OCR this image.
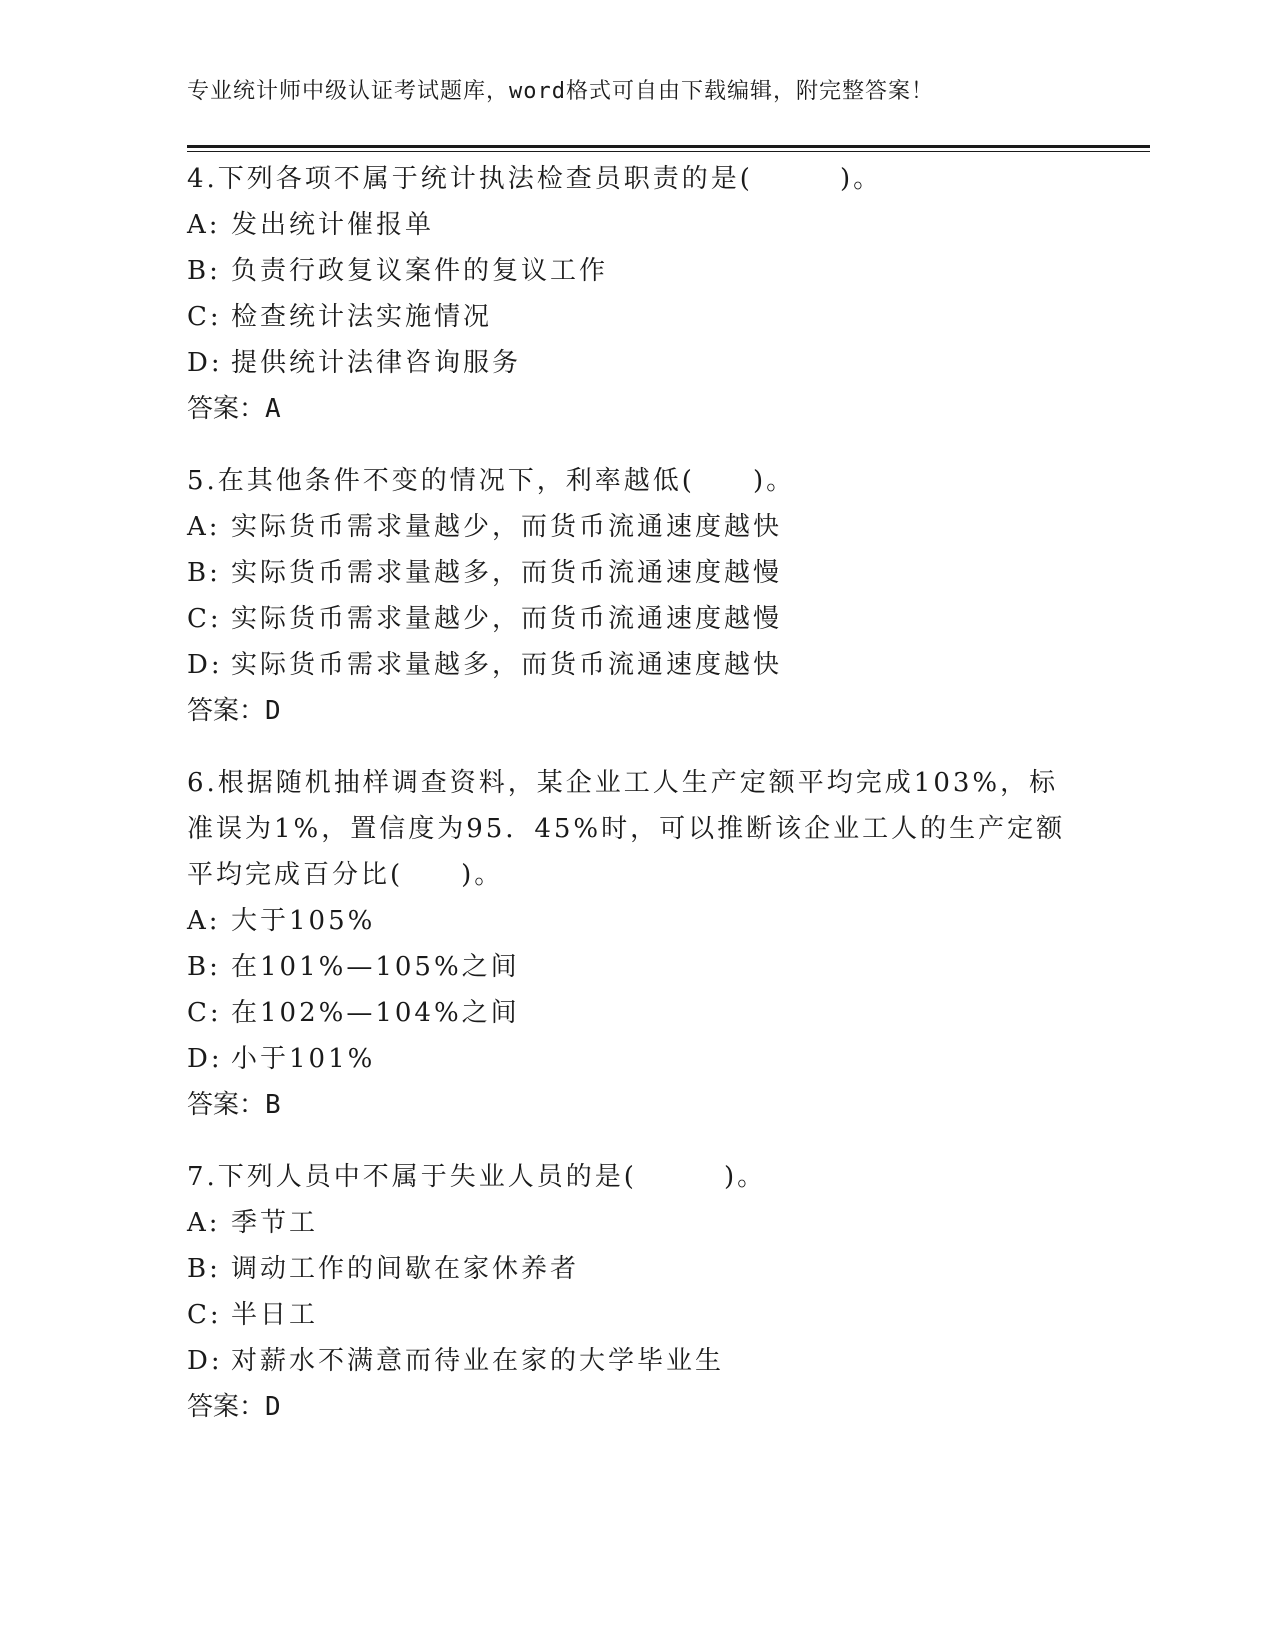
专业统计师中级认证考试题库，word格式可自由下载编辑，附完整答案！

4.下列各项不属于统计执法检查员职责的是(　　　)。

A: 发出统计催报单

B: 负责行政复议案件的复议工作

C: 检查统计法实施情况

D: 提供统计法律咨询服务

答案：A

5.在其他条件不变的情况下，利率越低(　　)。

A: 实际货币需求量越少，而货币流通速度越快

B: 实际货币需求量越多，而货币流通速度越慢

C: 实际货币需求量越少，而货币流通速度越慢

D: 实际货币需求量越多，而货币流通速度越快

答案：D

6.根据随机抽样调查资料，某企业工人生产定额平均完成103%，标准误为1%，置信度为95．45%时，可以推断该企业工人的生产定额平均完成百分比(　　)。

A: 大于105%

B: 在101%—105%之间

C: 在102%—104%之间

D: 小于101%

答案：B

7.下列人员中不属于失业人员的是(　　　)。

A: 季节工

B: 调动工作的间歇在家休养者

C: 半日工

D: 对薪水不满意而待业在家的大学毕业生

答案：D
